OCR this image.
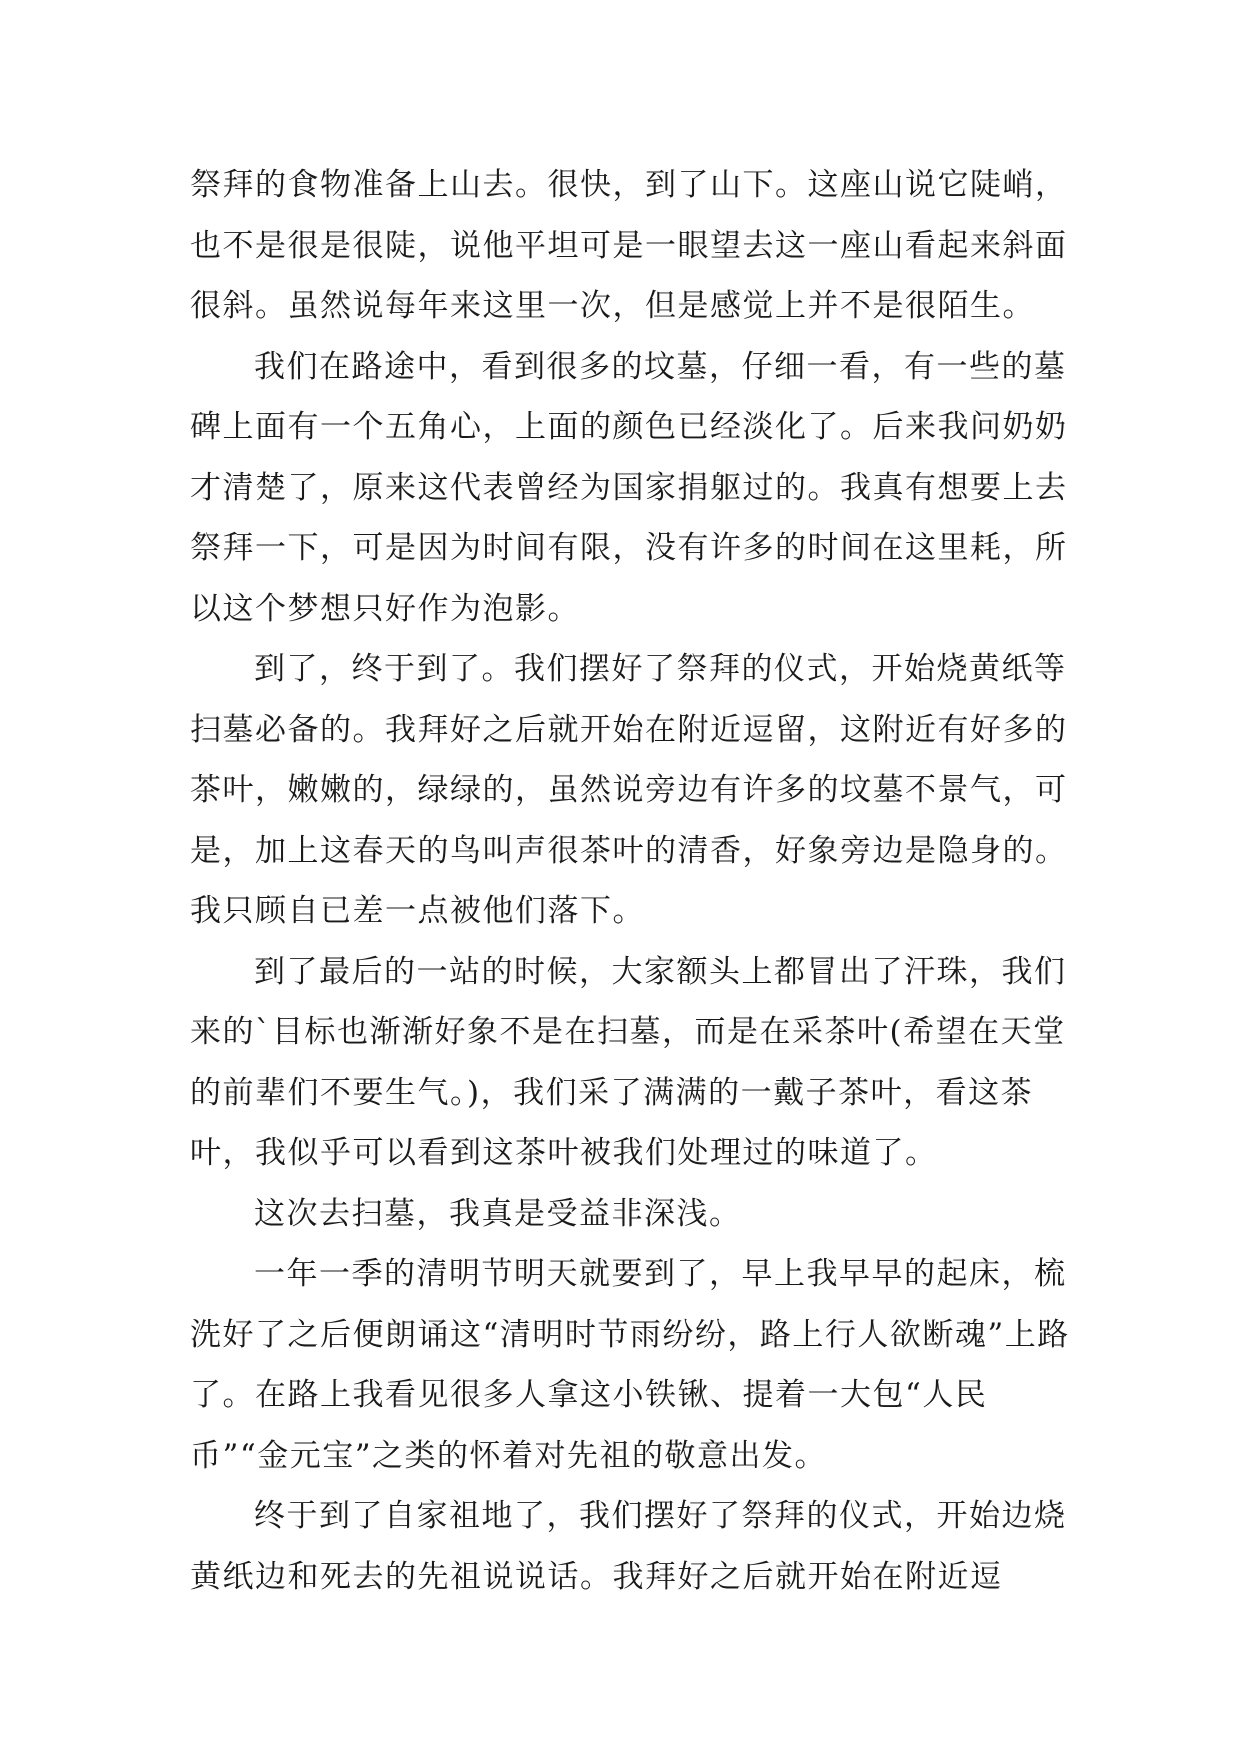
祭拜的食物准备上山去。很快，到了山下。这座山说它陡峭，也不是很是很陡，说他平坦可是一眼望去这一座山看起来斜面很斜。虽然说每年来这里一次，但是感觉上并不是很陌生。

我们在路途中，看到很多的坟墓，仔细一看，有一些的墓碑上面有一个五角心，上面的颜色已经淡化了。后来我问奶奶才清楚了，原来这代表曾经为国家捐躯过的。我真有想要上去祭拜一下，可是因为时间有限，没有许多的时间在这里耗，所以这个梦想只好作为泡影。

到了，终于到了。我们摆好了祭拜的仪式，开始烧黄纸等扫墓必备的。我拜好之后就开始在附近逗留，这附近有好多的茶叶，嫩嫩的，绿绿的，虽然说旁边有许多的坟墓不景气，可是，加上这春天的鸟叫声很茶叶的清香，好象旁边是隐身的。我只顾自已差一点被他们落下。

到了最后的一站的时候，大家额头上都冒出了汗珠，我们来的`目标也渐渐好象不是在扫墓，而是在采茶叶(希望在天堂的前辈们不要生气。)，我们采了满满的一戴子茶叶，看这茶叶，我似乎可以看到这茶叶被我们处理过的味道了。

这次去扫墓，我真是受益非深浅。

一年一季的清明节明天就要到了，早上我早早的起床，梳洗好了之后便朗诵这“清明时节雨纷纷，路上行人欲断魂”上路了。在路上我看见很多人拿这小铁锹、提着一大包“人民币”“金元宝”之类的怀着对先祖的敬意出发。

终于到了自家祖地了，我们摆好了祭拜的仪式，开始边烧黄纸边和死去的先祖说说话。我拜好之后就开始在附近逗
